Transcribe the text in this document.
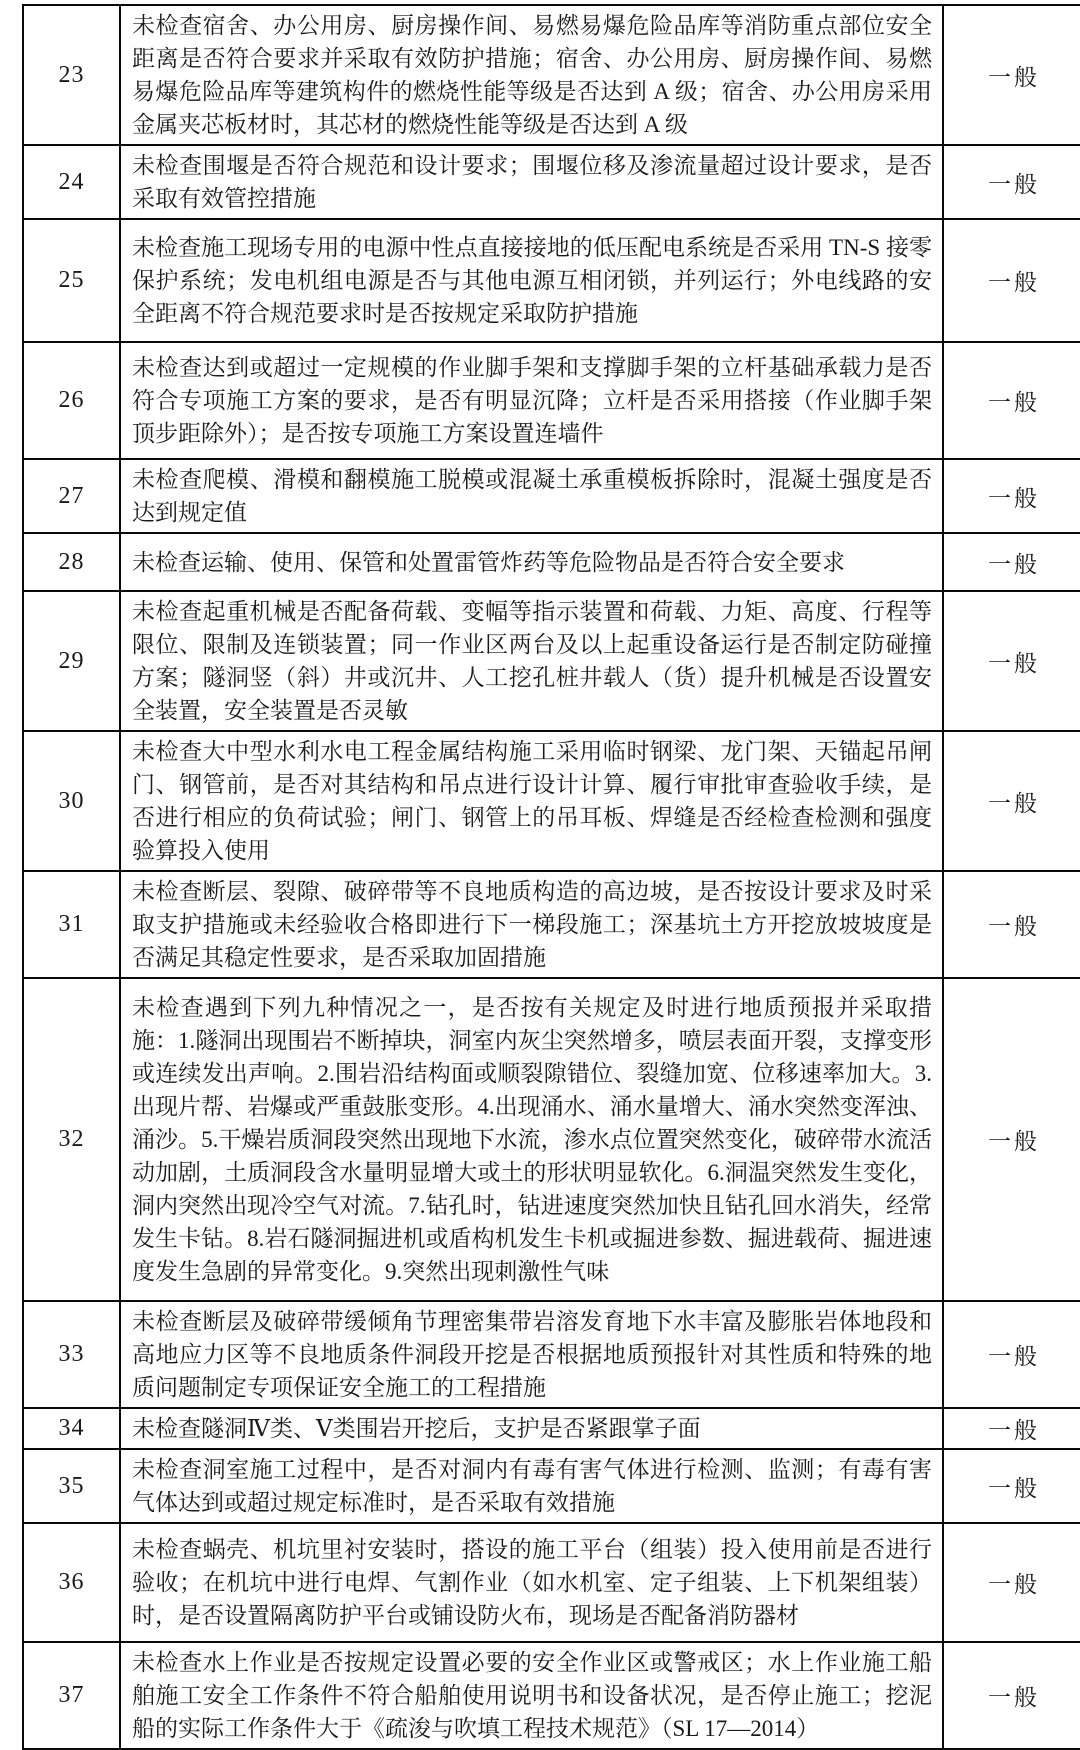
23	未检查宿舍、办公用房、厨房操作间、易燃易爆危险品库等消防重点部位安全距离是否符合要求并采取有效防护措施；宿舍、办公用房、厨房操作间、易燃易爆危险品库等建筑构件的燃烧性能等级是否达到 A 级；宿舍、办公用房采用金属夹芯板材时，其芯材的燃烧性能等级是否达到 A 级	一般
24	未检查围堰是否符合规范和设计要求；围堰位移及渗流量超过设计要求，是否采取有效管控措施	一般
25	未检查施工现场专用的电源中性点直接接地的低压配电系统是否采用 TN-S 接零保护系统；发电机组电源是否与其他电源互相闭锁，并列运行；外电线路的安全距离不符合规范要求时是否按规定采取防护措施	一般
26	未检查达到或超过一定规模的作业脚手架和支撑脚手架的立杆基础承载力是否符合专项施工方案的要求，是否有明显沉降；立杆是否采用搭接（作业脚手架顶步距除外）；是否按专项施工方案设置连墙件	一般
27	未检查爬模、滑模和翻模施工脱模或混凝土承重模板拆除时，混凝土强度是否达到规定值	一般
28	未检查运输、使用、保管和处置雷管炸药等危险物品是否符合安全要求	一般
29	未检查起重机械是否配备荷载、变幅等指示装置和荷载、力矩、高度、行程等限位、限制及连锁装置；同一作业区两台及以上起重设备运行是否制定防碰撞方案；隧洞竖（斜）井或沉井、人工挖孔桩井载人（货）提升机械是否设置安全装置，安全装置是否灵敏	一般
30	未检查大中型水利水电工程金属结构施工采用临时钢梁、龙门架、天锚起吊闸门、钢管前，是否对其结构和吊点进行设计计算、履行审批审查验收手续，是否进行相应的负荷试验；闸门、钢管上的吊耳板、焊缝是否经检查检测和强度验算投入使用	一般
31	未检查断层、裂隙、破碎带等不良地质构造的高边坡，是否按设计要求及时采取支护措施或未经验收合格即进行下一梯段施工；深基坑土方开挖放坡坡度是否满足其稳定性要求，是否采取加固措施	一般
32	未检查遇到下列九种情况之一，是否按有关规定及时进行地质预报并采取措施：1.隧洞出现围岩不断掉块，洞室内灰尘突然增多，喷层表面开裂，支撑变形或连续发出声响。2.围岩沿结构面或顺裂隙错位、裂缝加宽、位移速率加大。3.出现片帮、岩爆或严重鼓胀变形。4.出现涌水、涌水量增大、涌水突然变浑浊、涌沙。5.干燥岩质洞段突然出现地下水流，渗水点位置突然变化，破碎带水流活动加剧，土质洞段含水量明显增大或土的形状明显软化。6.洞温突然发生变化，洞内突然出现冷空气对流。7.钻孔时，钻进速度突然加快且钻孔回水消失，经常发生卡钻。8.岩石隧洞掘进机或盾构机发生卡机或掘进参数、掘进载荷、掘进速度发生急剧的异常变化。9.突然出现刺激性气味	一般
33	未检查断层及破碎带缓倾角节理密集带岩溶发育地下水丰富及膨胀岩体地段和高地应力区等不良地质条件洞段开挖是否根据地质预报针对其性质和特殊的地质问题制定专项保证安全施工的工程措施	一般
34	未检查隧洞Ⅳ类、Ⅴ类围岩开挖后，支护是否紧跟掌子面	一般
35	未检查洞室施工过程中，是否对洞内有毒有害气体进行检测、监测；有毒有害气体达到或超过规定标准时，是否采取有效措施	一般
36	未检查蜗壳、机坑里衬安装时，搭设的施工平台（组装）投入使用前是否进行验收；在机坑中进行电焊、气割作业（如水机室、定子组装、上下机架组装）时，是否设置隔离防护平台或铺设防火布，现场是否配备消防器材	一般
37	未检查水上作业是否按规定设置必要的安全作业区或警戒区；水上作业施工船舶施工安全工作条件不符合船舶使用说明书和设备状况，是否停止施工；挖泥船的实际工作条件大于《疏浚与吹填工程技术规范》（SL 17—2014）	一般
